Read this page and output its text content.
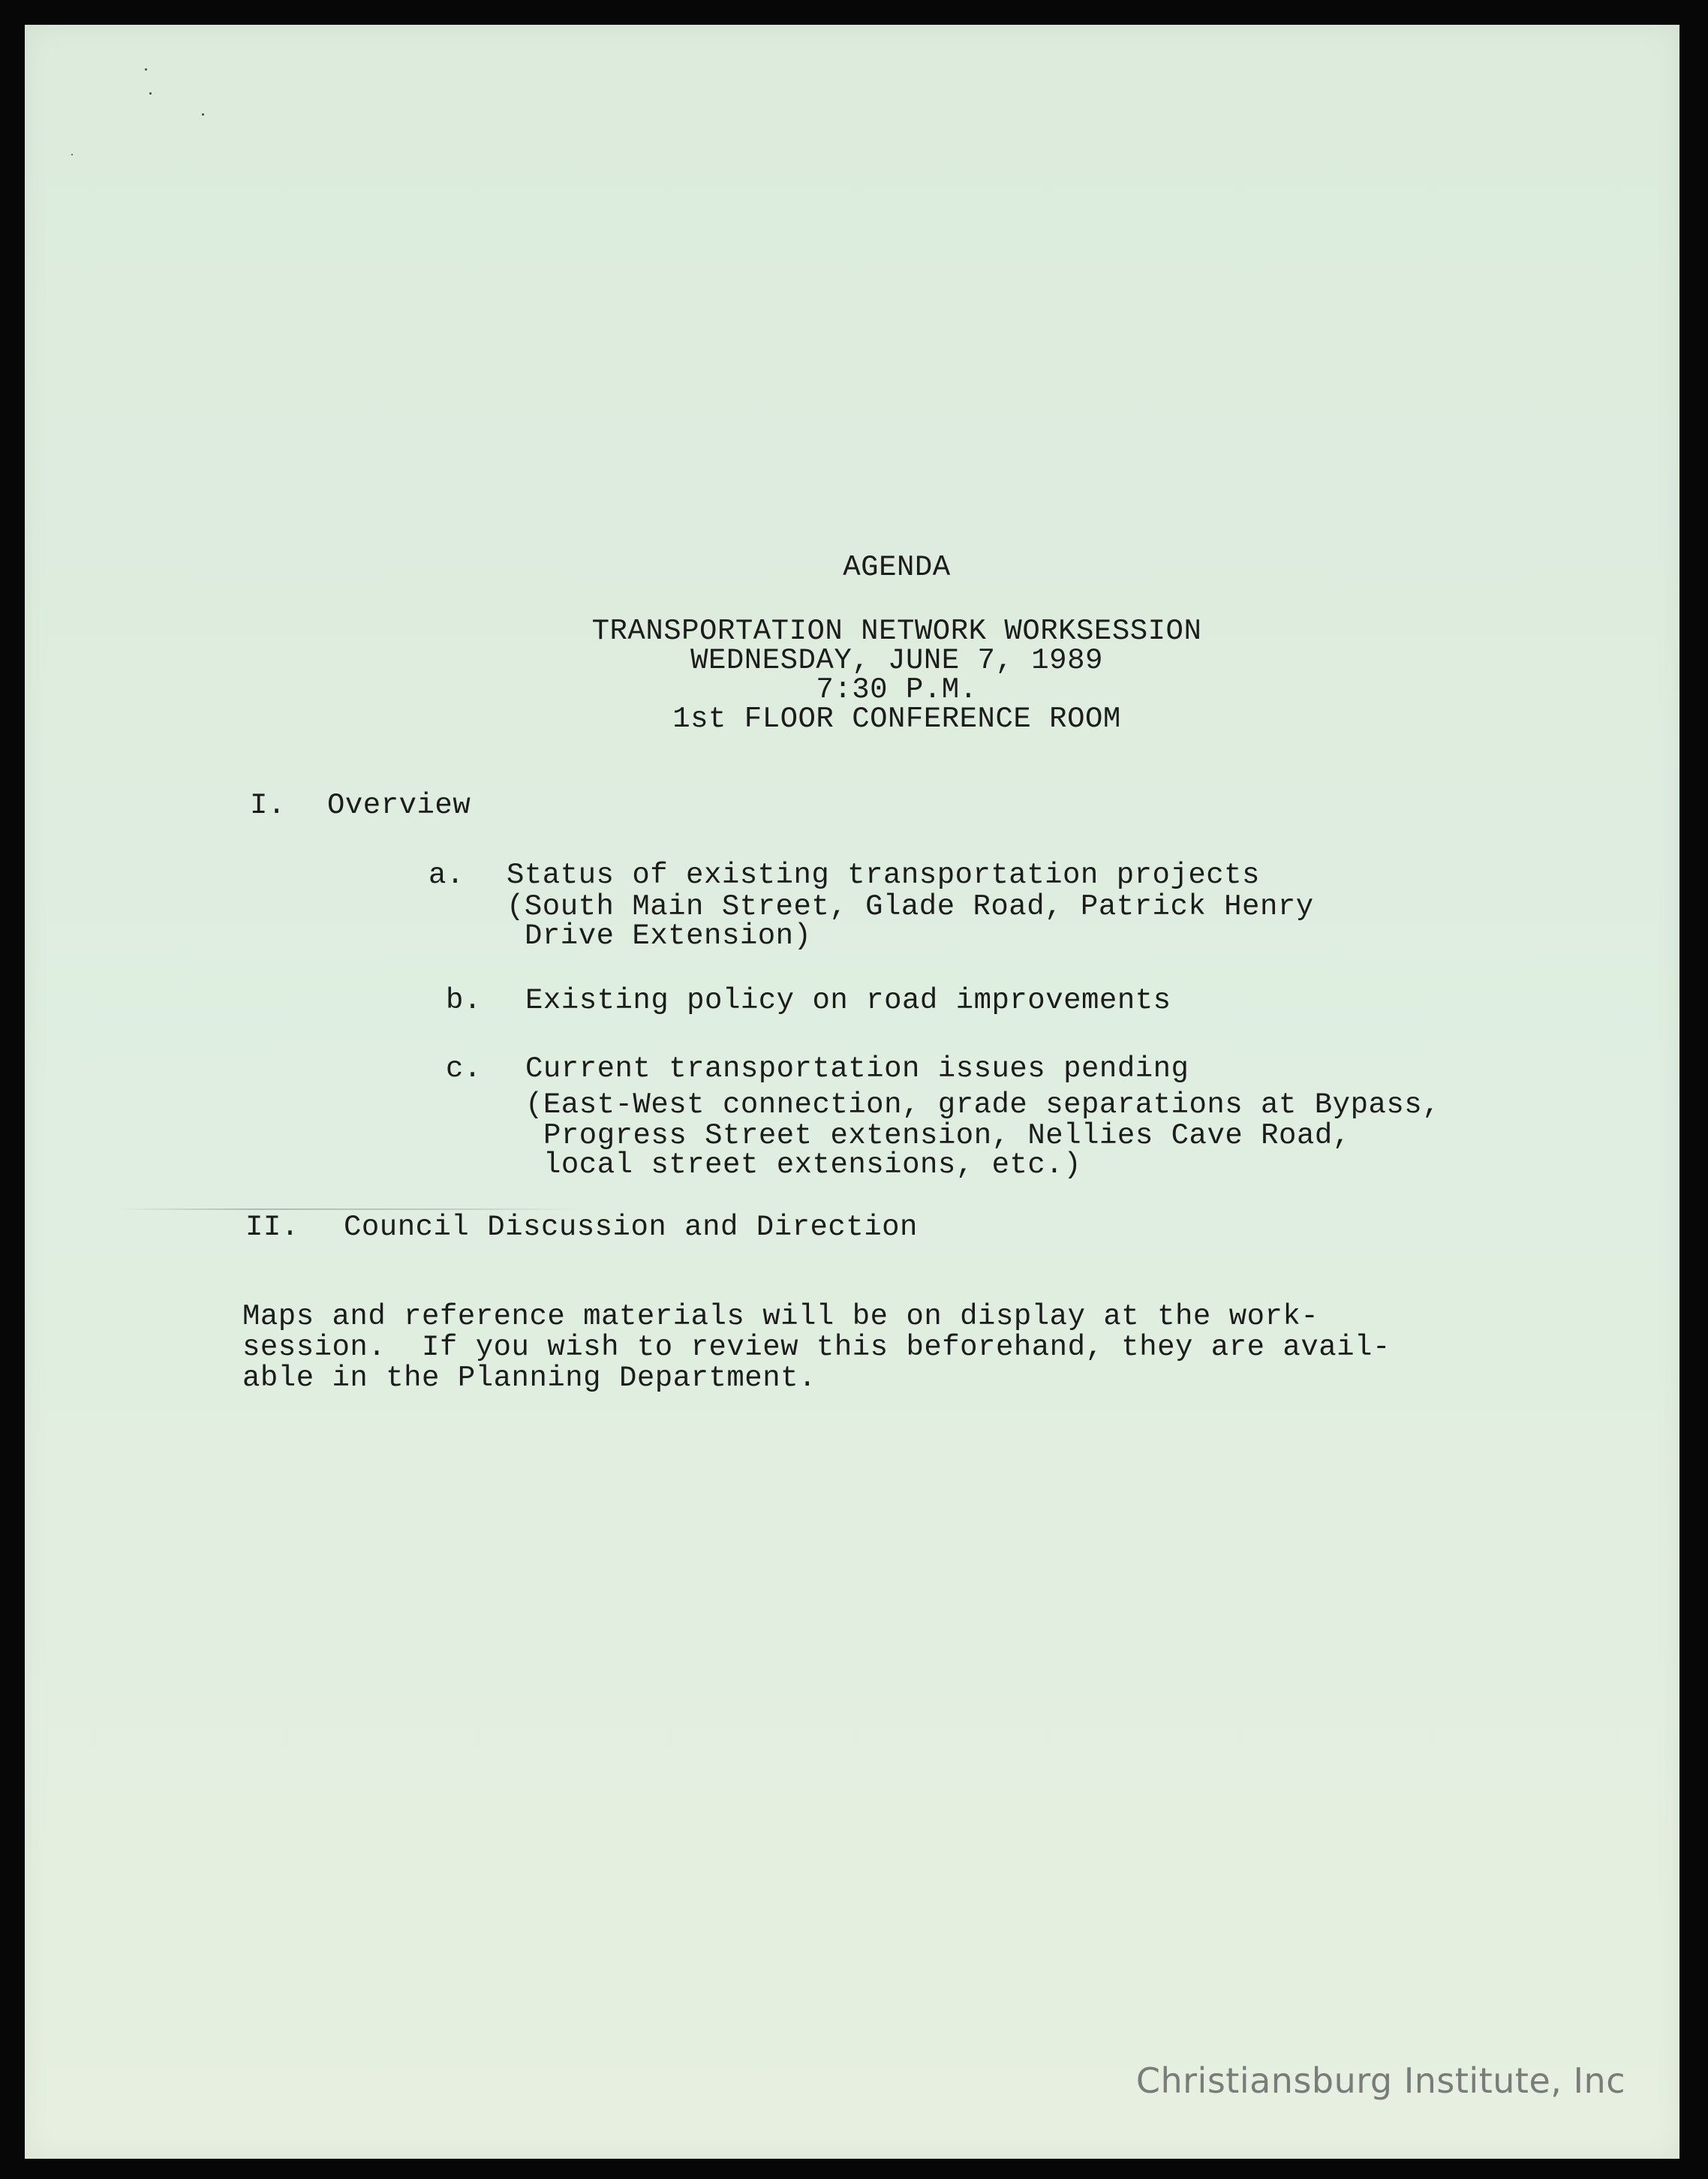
AGENDA
TRANSPORTATION NETWORK WORKSESSION
WEDNESDAY, JUNE 7, 1989
7:30 P.M.
1st FLOOR CONFERENCE ROOM
I. Overview
a. Status of existing transportation projects
(South Main Street, Glade Road, Patrick Henry
Drive Extension)
b. Existing policy on road improvements
c. Current transportation issues pending
(East-West connection, grade separations at Bypass,
Progress Street extension, Nellies Cave Road,
local street extensions, etc.)
II. Council Discussion and Direction
Maps and reference materials will be on display at the work-
session.  If you wish to review this beforehand, they are avail-
able in the Planning Department.
Christiansburg Institute, Inc
